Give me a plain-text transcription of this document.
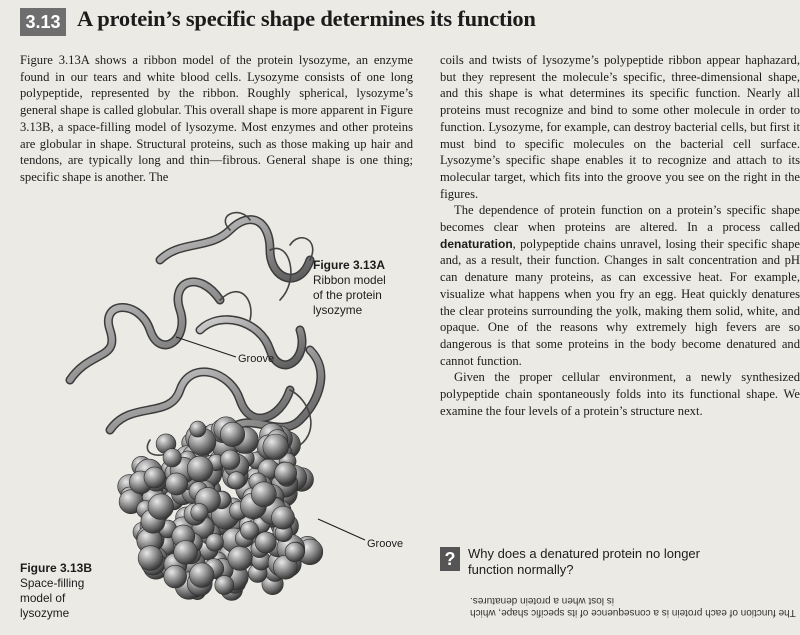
3.13 A protein’s specific shape determines its function

Figure 3.13A shows a ribbon model of the protein lysozyme, an enzyme found in our tears and white blood cells. Lysozyme consists of one long polypeptide, represented by the ribbon. Roughly spherical, lysozyme’s general shape is called globular. This overall shape is more apparent in Figure 3.13B, a space-filling model of lysozyme. Most enzymes and other proteins are globular in shape. Structural proteins, such as those making up hair and tendons, are typically long and thin—fibrous. General shape is one thing; specific shape is another. The

Figure 3.13A
Ribbon model
of the protein
lysozyme
Groove
Figure 3.13B
Space-filling
model of
lysozyme
Groove

coils and twists of lysozyme’s polypeptide ribbon appear haphazard, but they represent the molecule’s specific, three-dimensional shape, and this shape is what determines its specific function. Nearly all proteins must recognize and bind to some other molecule in order to function. Lysozyme, for example, can destroy bacterial cells, but first it must bind to specific molecules on the bacterial cell surface. Lysozyme’s specific shape enables it to recognize and attach to its molecular target, which fits into the groove you see on the right in the figures.

The dependence of protein function on a protein’s specific shape becomes clear when proteins are altered. In a process called denaturation, polypeptide chains unravel, losing their specific shape and, as a result, their function. Changes in salt concentration and pH can denature many proteins, as can excessive heat. For example, visualize what happens when you fry an egg. Heat quickly denatures the clear proteins surrounding the yolk, making them solid, white, and opaque. One of the reasons why extremely high fevers are so dangerous is that some proteins in the body become denatured and cannot function.

Given the proper cellular environment, a newly synthesized polypeptide chain spontaneously folds into its functional shape. We examine the four levels of a protein’s structure next.

? Why does a denatured protein no longer function normally?
The function of each protein is a consequence of its specific shape, which is lost when a protein denatures.
